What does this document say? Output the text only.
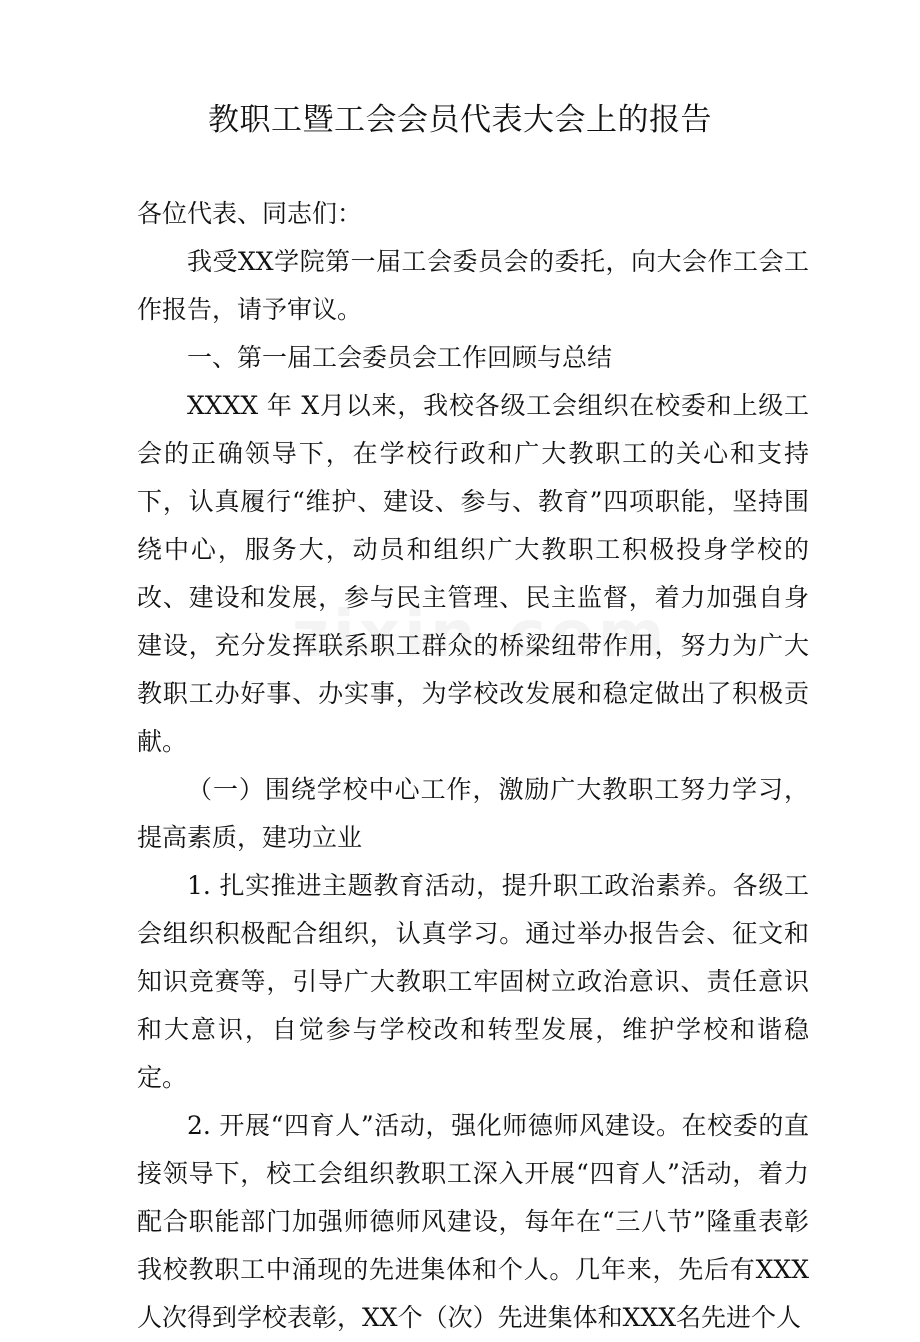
教职工暨工会会员代表大会上的报告

各位代表、同志们：

我受XX学院第一届工会委员会的委托，向大会作工会工作报告，请予审议。

一、第一届工会委员会工作回顾与总结

XXXX 年 X月以来，我校各级工会组织在校委和上级工会的正确领导下，在学校行政和广大教职工的关心和支持下，认真履行“维护、建设、参与、教育”四项职能，坚持围绕中心，服务大，动员和组织广大教职工积极投身学校的改、建设和发展，参与民主管理、民主监督，着力加强自身建设，充分发挥联系职工群众的桥梁纽带作用，努力为广大教职工办好事、办实事，为学校改发展和稳定做出了积极贡献。

（一）围绕学校中心工作，激励广大教职工努力学习，提高素质，建功立业

1. 扎实推进主题教育活动，提升职工政治素养。各级工会组织积极配合组织，认真学习。通过举办报告会、征文和知识竞赛等，引导广大教职工牢固树立政治意识、责任意识和大意识，自觉参与学校改和转型发展，维护学校和谐稳定。

2. 开展“四育人”活动，强化师德师风建设。在校委的直接领导下，校工会组织教职工深入开展“四育人”活动，着力配合职能部门加强师德师风建设，每年在“三八节”隆重表彰我校教职工中涌现的先进集体和个人。几年来，先后有XXX人次得到学校表彰，XX个（次）先进集体和XXX名先进个人
